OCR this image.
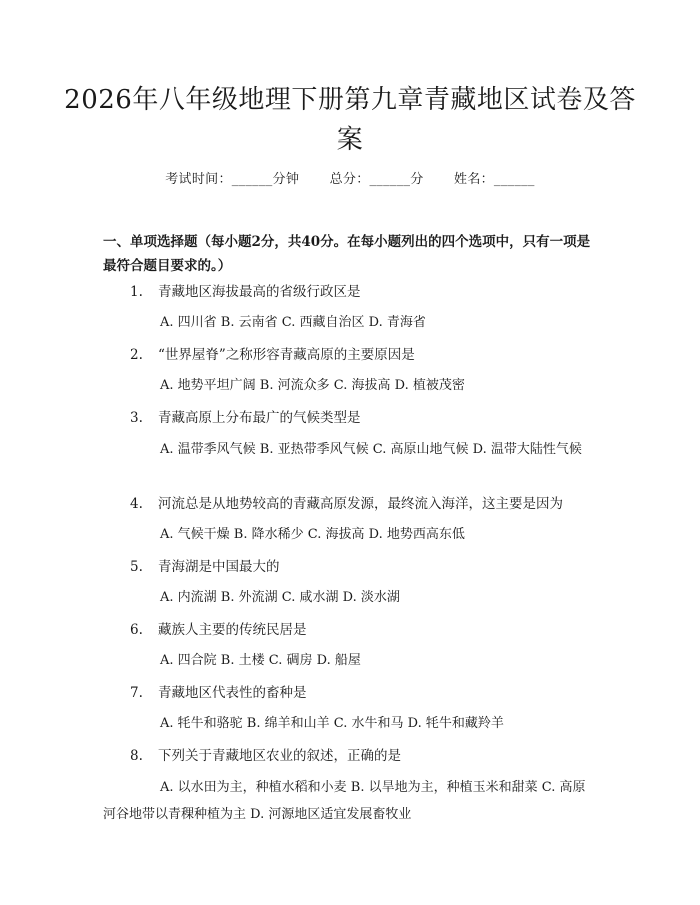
2026年八年级地理下册第九章青藏地区试卷及答案
考试时间：______分钟 总分：______分 姓名：______
一、单项选择题（每小题2分，共40分。在每小题列出的四个选项中，只有一项是最符合题目要求的。）
1. 青藏地区海拔最高的省级行政区是
A. 四川省 B. 云南省 C. 西藏自治区 D. 青海省
2. “世界屋脊”之称形容青藏高原的主要原因是
A. 地势平坦广阔 B. 河流众多 C. 海拔高 D. 植被茂密
3. 青藏高原上分布最广的气候类型是
A. 温带季风气候 B. 亚热带季风气候 C. 高原山地气候 D. 温带大陆性气候
4. 河流总是从地势较高的青藏高原发源，最终流入海洋，这主要是因为
A. 气候干燥 B. 降水稀少 C. 海拔高 D. 地势西高东低
5. 青海湖是中国最大的
A. 内流湖 B. 外流湖 C. 咸水湖 D. 淡水湖
6. 藏族人主要的传统民居是
A. 四合院 B. 土楼 C. 碉房 D. 船屋
7. 青藏地区代表性的畜种是
A. 牦牛和骆驼 B. 绵羊和山羊 C. 水牛和马 D. 牦牛和藏羚羊
8. 下列关于青藏地区农业的叙述，正确的是
A. 以水田为主，种植水稻和小麦 B. 以旱地为主，种植玉米和甜菜 C. 高原河谷地带以青稞种植为主 D. 河源地区适宜发展畜牧业
